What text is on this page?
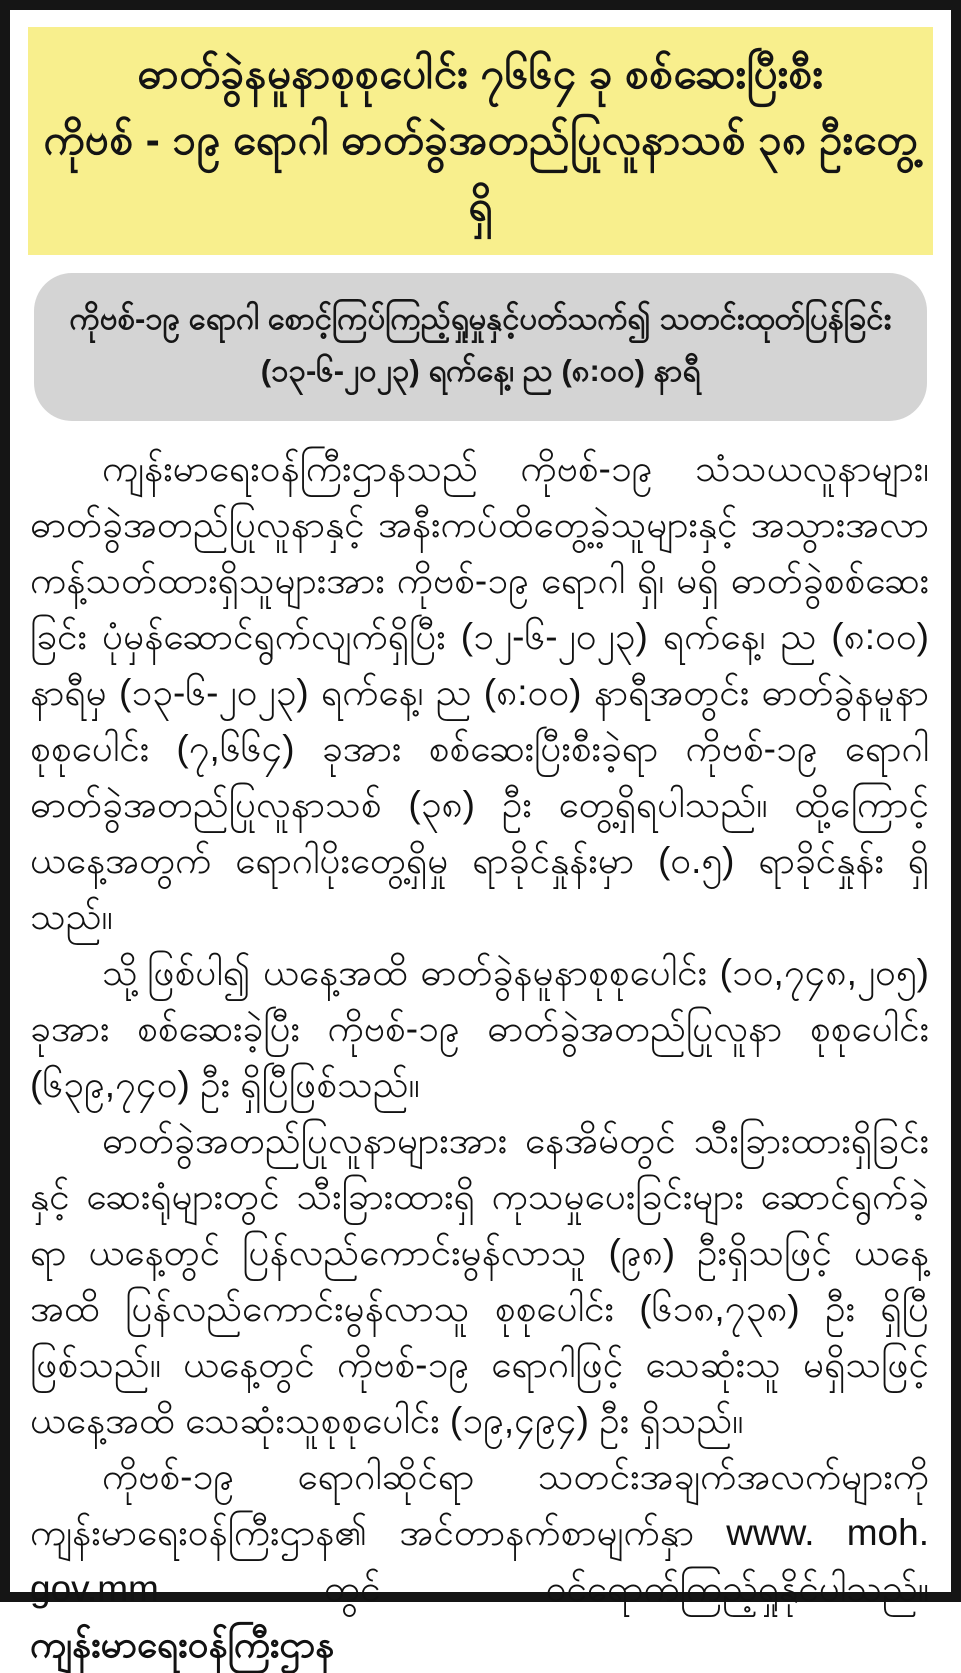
ဓာတ်ခွဲနမူနာစုစုပေါင်း ၇၆၆၄ ခု စစ်ဆေးပြီးစီး
ကိုဗစ် - ၁၉ ရောဂါ ဓာတ်ခွဲအတည်ပြုလူနာသစ် ၃၈ ဦးတွေ့ရှိ
ကိုဗစ်-၁၉ ရောဂါ စောင့်ကြပ်ကြည့်ရှုမှုနှင့်ပတ်သက်၍ သတင်းထုတ်ပြန်ခြင်း
(၁၃-၆-၂၀၂၃) ရက်နေ့၊ ည (၈:၀၀) နာရီ

ကျန်းမာရေးဝန်ကြီးဌာနသည် ကိုဗစ်-၁၉ သံသယလူနာများ၊ ဓာတ်ခွဲအတည်ပြုလူနာနှင့် အနီးကပ်ထိတွေ့ခဲ့သူများနှင့် အသွားအလာကန့်သတ်ထားရှိသူများအား ကိုဗစ်-၁၉ ရောဂါ ရှိ၊ မရှိ ဓာတ်ခွဲစစ်ဆေးခြင်း ပုံမှန်ဆောင်ရွက်လျက်ရှိပြီး (၁၂-၆-၂၀၂၃) ရက်နေ့၊ ည (၈:၀၀) နာရီမှ (၁၃-၆-၂၀၂၃) ရက်နေ့၊ ည (၈:၀၀) နာရီအတွင်း ဓာတ်ခွဲနမူနာစုစုပေါင်း (၇,၆၆၄) ခုအား စစ်ဆေးပြီးစီးခဲ့ရာ ကိုဗစ်-၁၉ ရောဂါ ဓာတ်ခွဲအတည်ပြုလူနာသစ် (၃၈) ဦး တွေ့ရှိရပါသည်။ ထို့ကြောင့် ယနေ့အတွက် ရောဂါပိုးတွေ့ရှိမှု ရာခိုင်နှုန်းမှာ (၀.၅) ရာခိုင်နှုန်း ရှိသည်။

သို့ဖြစ်ပါ၍ ယနေ့အထိ ဓာတ်ခွဲနမူနာစုစုပေါင်း (၁၀,၇၄၈,၂၀၅) ခုအား စစ်ဆေးခဲ့ပြီး ကိုဗစ်-၁၉ ဓာတ်ခွဲအတည်ပြုလူနာ စုစုပေါင်း (၆၃၉,၇၄၀) ဦး ရှိပြီဖြစ်သည်။

ဓာတ်ခွဲအတည်ပြုလူနာများအား နေအိမ်တွင် သီးခြားထားရှိခြင်းနှင့် ဆေးရုံများတွင် သီးခြားထားရှိ ကုသမှုပေးခြင်းများ ဆောင်ရွက်ခဲ့ရာ ယနေ့တွင် ပြန်လည်ကောင်းမွန်လာသူ (၉၈) ဦးရှိသဖြင့် ယနေ့အထိ ပြန်လည်ကောင်းမွန်လာသူ စုစုပေါင်း (၆၁၈,၇၃၈) ဦး ရှိပြီဖြစ်သည်။ ယနေ့တွင် ကိုဗစ်-၁၉ ရောဂါဖြင့် သေဆုံးသူ မရှိသဖြင့် ယနေ့အထိ သေဆုံးသူစုစုပေါင်း (၁၉,၄၉၄) ဦး ရှိသည်။

ကိုဗစ်-၁၉ ရောဂါဆိုင်ရာ သတင်းအချက်အလက်များကို ကျန်းမာရေးဝန်ကြီးဌာန၏ အင်တာနက်စာမျက်နှာ www. moh. gov.mm တွင် ဝင်ရောက်ကြည့်ရှုနိုင်ပါသည်။ ကျန်းမာရေးဝန်ကြီးဌာန
